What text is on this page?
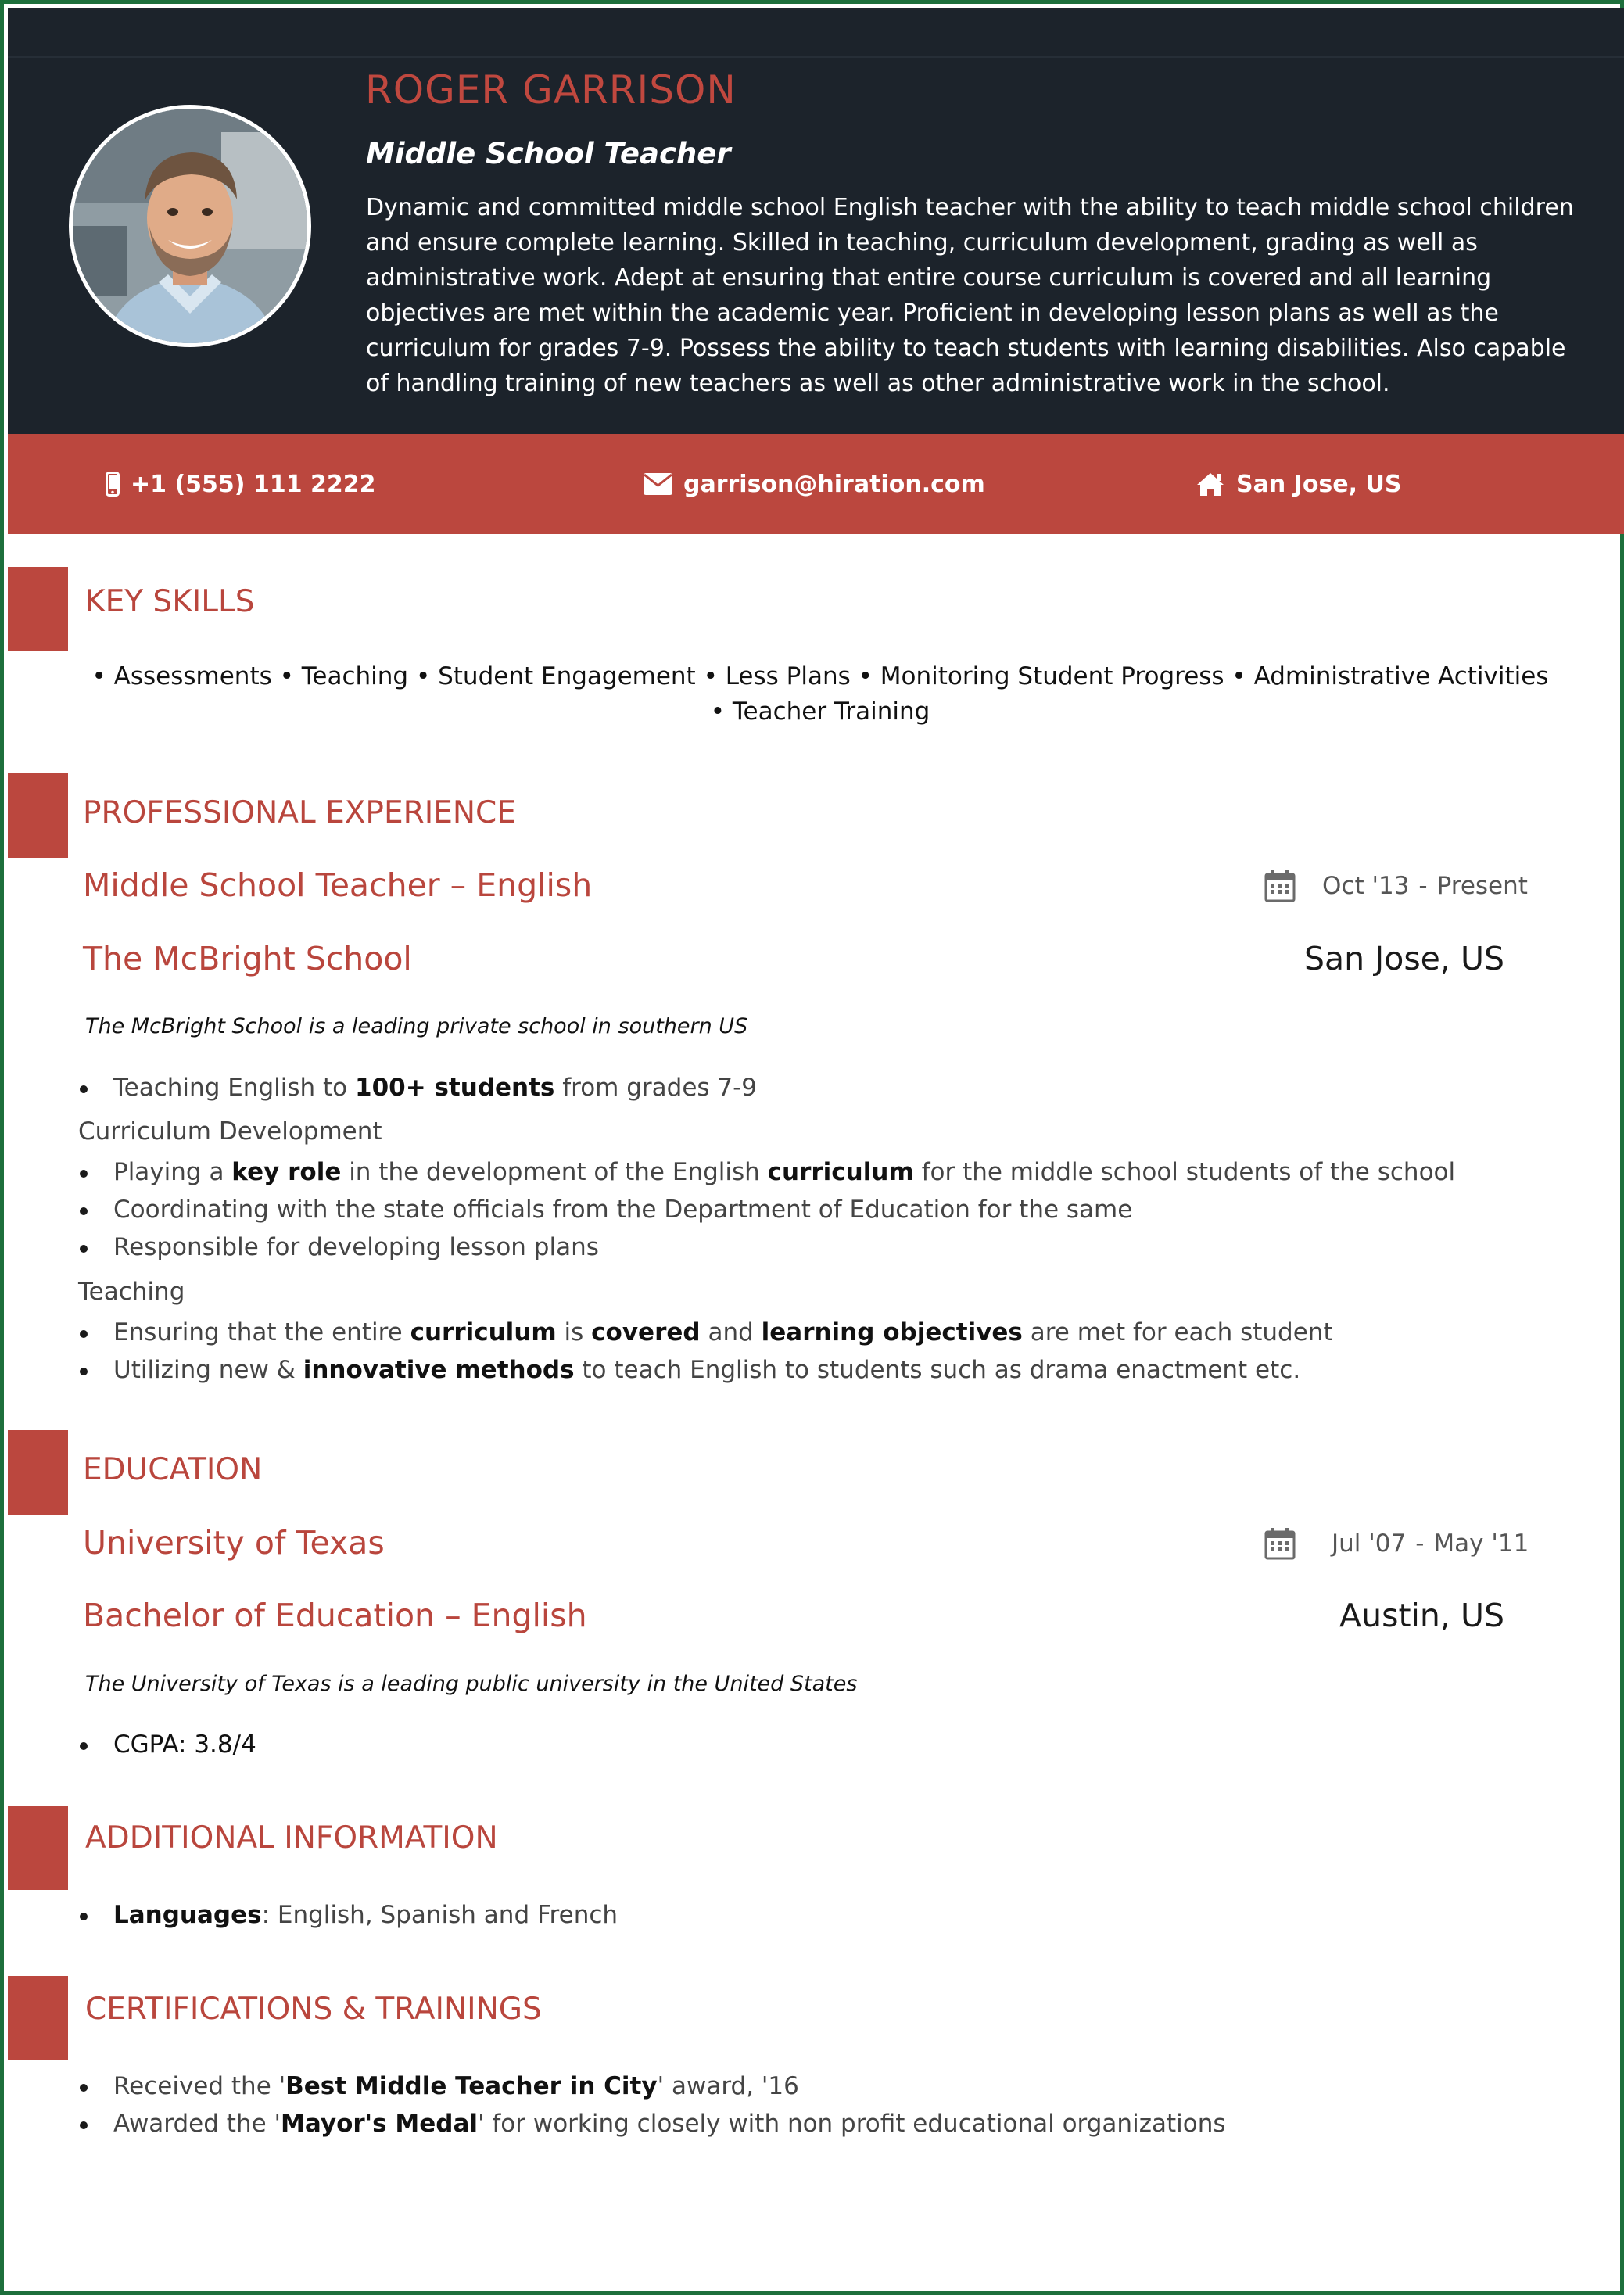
ROGER GARRISON
Middle School Teacher

Dynamic and committed middle school English teacher with the ability to teach middle school children and ensure complete learning. Skilled in teaching, curriculum development, grading as well as administrative work. Adept at ensuring that entire course curriculum is covered and all learning objectives are met within the academic year. Proficient in developing lesson plans as well as the curriculum for grades 7-9. Possess the ability to teach students with learning disabilities. Also capable of handling training of new teachers as well as other administrative work in the school.

+1 (555) 111 2222	garrison@hiration.com	San Jose, US
KEY SKILLS

• Assessments • Teaching • Student Engagement • Less Plans • Monitoring Student Progress • Administrative Activities • Teacher Training

PROFESSIONAL EXPERIENCE
Middle School Teacher – English	Oct '13 - Present
The McBright School	San Jose, US

The McBright School is a leading private school in southern US

Teaching English to 100+ students from grades 7-9

Curriculum Development

Playing a key role in the development of the English curriculum for the middle school students of the school
Coordinating with the state officials from the Department of Education for the same
Responsible for developing lesson plans

Teaching

Ensuring that the entire curriculum is covered and learning objectives are met for each student
Utilizing new & innovative methods to teach English to students such as drama enactment etc.
EDUCATION
University of Texas	Jul '07 - May '11
Bachelor of Education – English	Austin, US

The University of Texas is a leading public university in the United States

CGPA: 3.8/4
ADDITIONAL INFORMATION
Languages: English, Spanish and French
CERTIFICATIONS & TRAININGS
Received the 'Best Middle Teacher in City' award, '16
Awarded the 'Mayor's Medal' for working closely with non profit educational organizations
